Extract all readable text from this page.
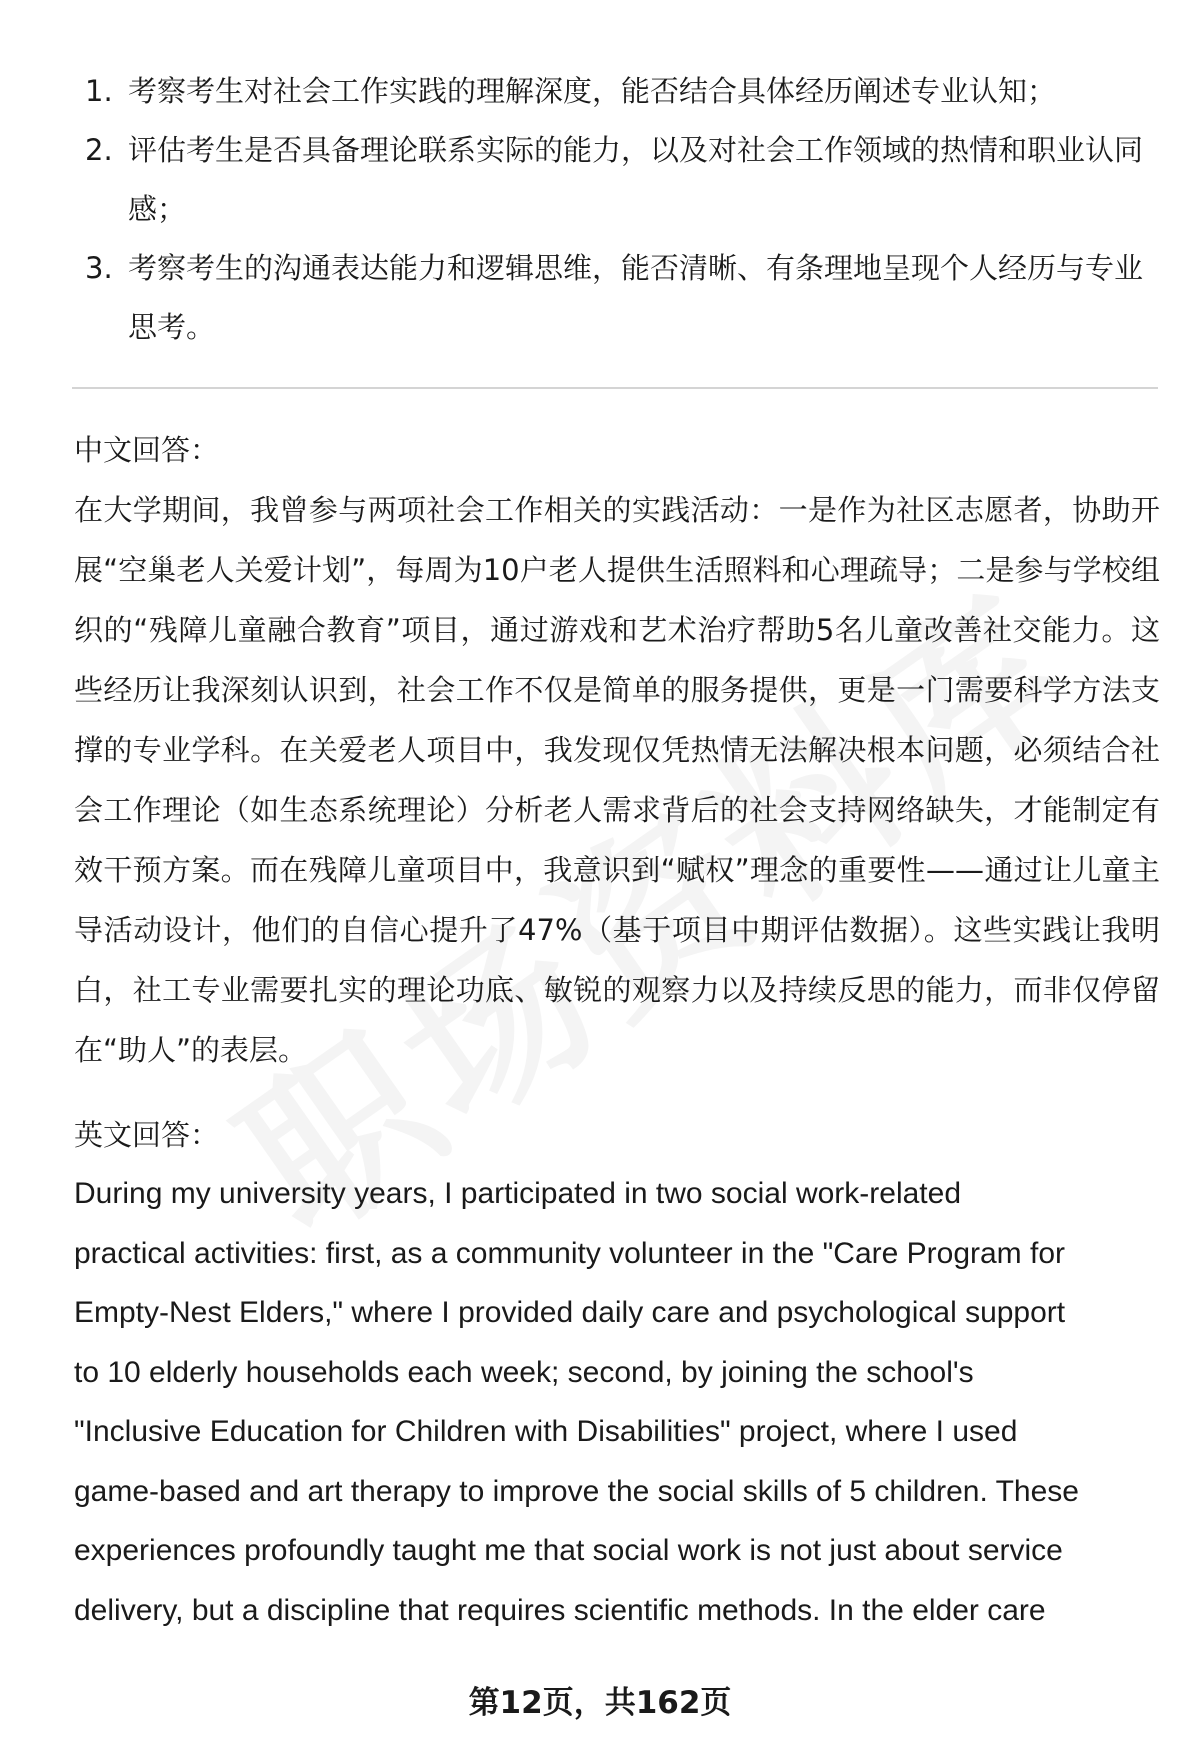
1. 考察考生对社会工作实践的理解深度，能否结合具体经历阐述专业认知；
2. 评估考生是否具备理论联系实际的能力，以及对社会工作领域的热情和职业认同感；
3. 考察考生的沟通表达能力和逻辑思维，能否清晰、有条理地呈现个人经历与专业思考。
中文回答：

在大学期间，我曾参与两项社会工作相关的实践活动：一是作为社区志愿者，协助开展“空巢老人关爱计划”，每周为10户老人提供生活照料和心理疏导；二是参与学校组织的“残障儿童融合教育”项目，通过游戏和艺术治疗帮助5名儿童改善社交能力。这些经历让我深刻认识到，社会工作不仅是简单的服务提供，更是一门需要科学方法支撑的专业学科。在关爱老人项目中，我发现仅凭热情无法解决根本问题，必须结合社会工作理论（如生态系统理论）分析老人需求背后的社会支持网络缺失，才能制定有效干预方案。而在残障儿童项目中，我意识到“赋权”理念的重要性——通过让儿童主导活动设计，他们的自信心提升了47%（基于项目中期评估数据）。这些实践让我明白，社工专业需要扎实的理论功底、敏锐的观察力以及持续反思的能力，而非仅停留在“助人”的表层。

英文回答：

During my university years, I participated in two social work-related
practical activities: first, as a community volunteer in the "Care Program for
Empty-Nest Elders," where I provided daily care and psychological support
to 10 elderly households each week; second, by joining the school's
"Inclusive Education for Children with Disabilities" project, where I used
game-based and art therapy to improve the social skills of 5 children. These
experiences profoundly taught me that social work is not just about service
delivery, but a discipline that requires scientific methods. In the elder care

第12页，共162页
